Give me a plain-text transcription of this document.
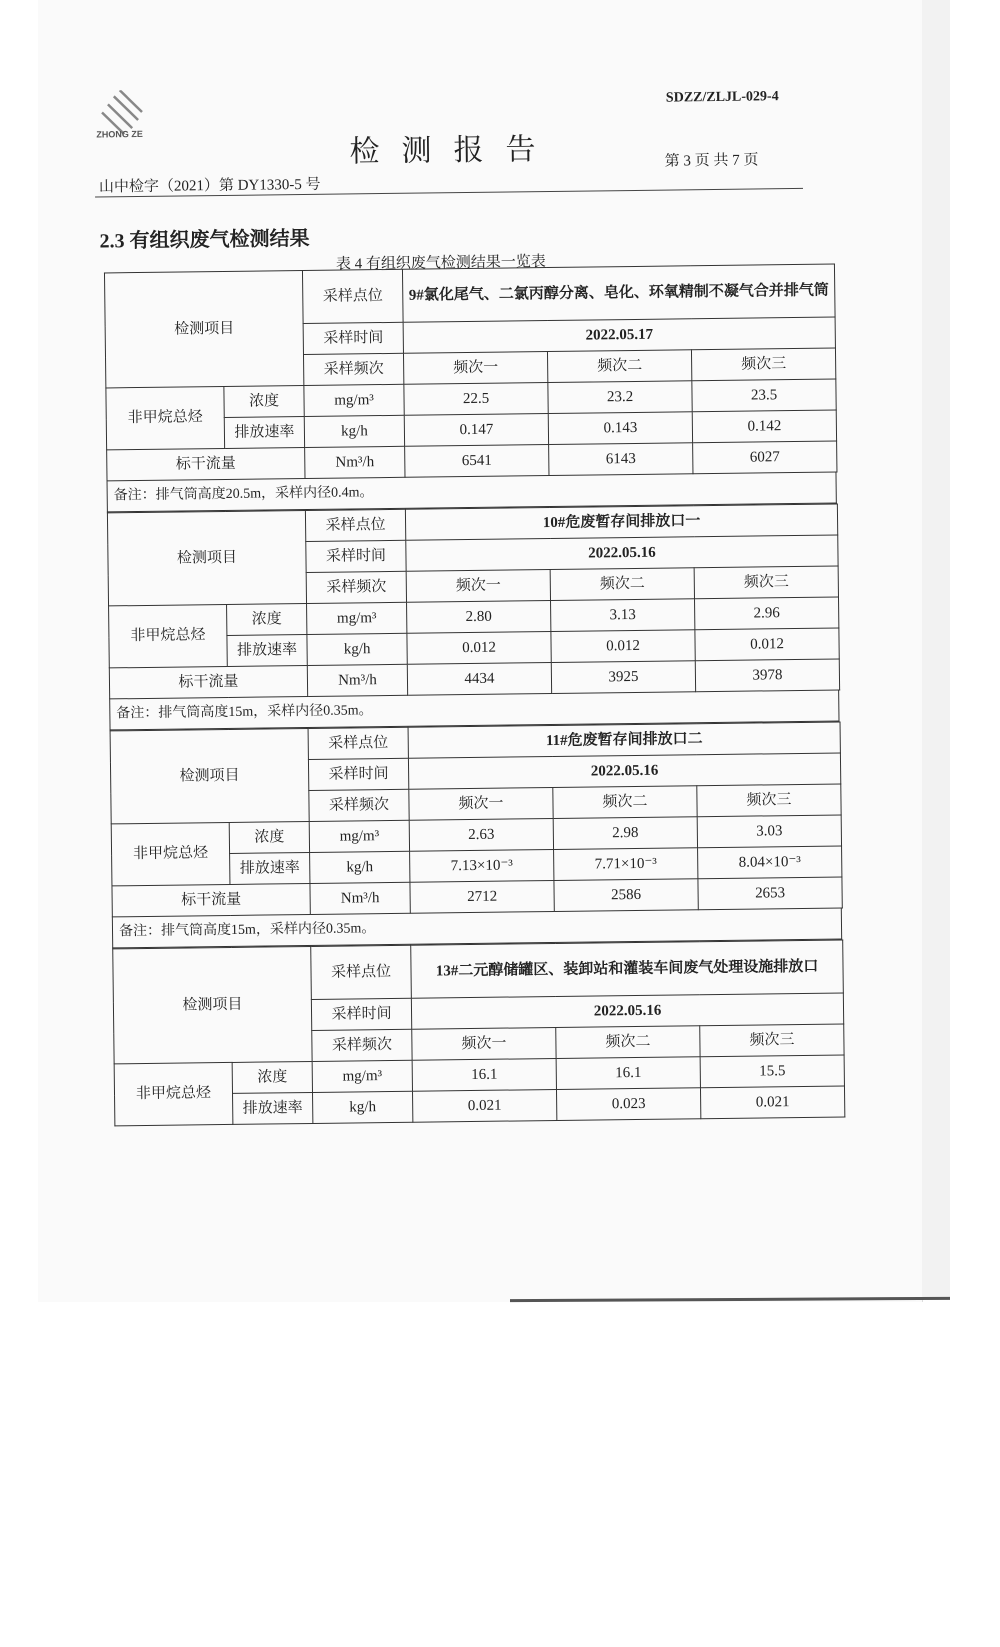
ZHONG ZE
SDZZ/ZLJL-029-4
检测报告	第 3 页 共 7 页
山中检字（2021）第 DY1330-5 号
2.3 有组织废气检测结果
表 4 有组织废气检测结果一览表
检测项目		采样点位	9#氯化尾气、二氯丙醇分离、皂化、环氧精制不凝气合并排气筒		
		采样时间	2022.05.17		
		采样频次	频次一	频次二	频次三
非甲烷总烃	浓度	mg/m³	22.5	23.2	23.5
	排放速率	kg/h	0.147	0.143	0.142
标干流量		Nm³/h	6541	6143	6027
备注：排气筒高度20.5m，采样内径0.4m。
检测项目		采样点位	10#危废暂存间排放口一		
		采样时间	2022.05.16		
		采样频次	频次一	频次二	频次三
非甲烷总烃	浓度	mg/m³	2.80	3.13	2.96
	排放速率	kg/h	0.012	0.012	0.012
标干流量		Nm³/h	4434	3925	3978
备注：排气筒高度15m，采样内径0.35m。
检测项目		采样点位	11#危废暂存间排放口二		
		采样时间	2022.05.16		
		采样频次	频次一	频次二	频次三
非甲烷总烃	浓度	mg/m³	2.63	2.98	3.03
	排放速率	kg/h	7.13×10⁻³	7.71×10⁻³	8.04×10⁻³
标干流量		Nm³/h	2712	2586	2653
备注：排气筒高度15m，采样内径0.35m。
检测项目		采样点位	13#二元醇储罐区、装卸站和灌装车间废气处理设施排放口		
		采样时间	2022.05.16		
		采样频次	频次一	频次二	频次三
非甲烷总烃	浓度	mg/m³	16.1	16.1	15.5
	排放速率	kg/h	0.021	0.023	0.021
